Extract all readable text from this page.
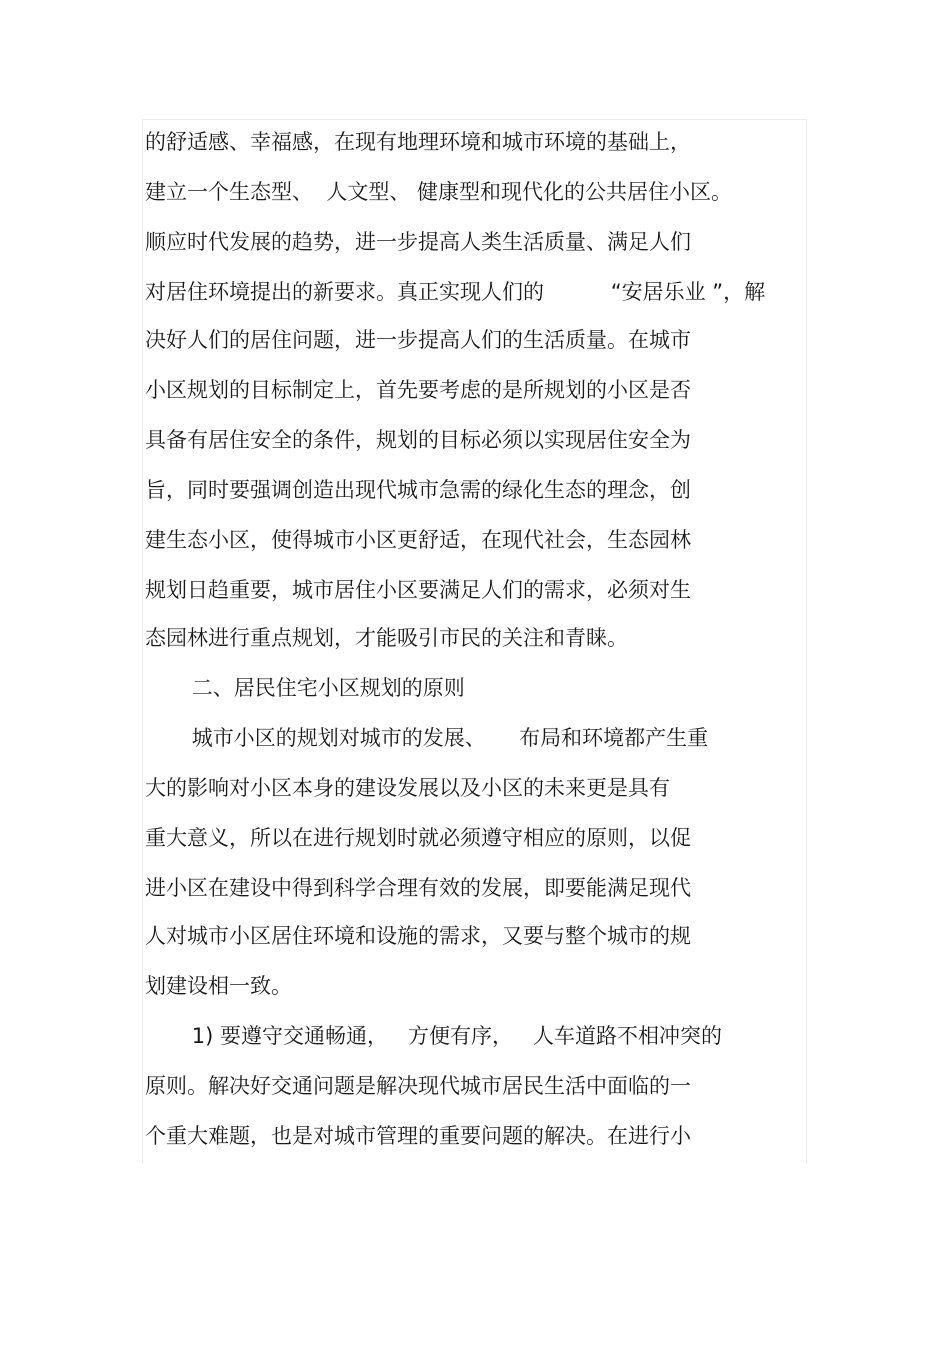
的舒适感、幸福感，在现有地理环境和城市环境的基础上，
建立一个生态型、  人文型、 健康型和现代化的公共居住小区。
顺应时代发展的趋势，进一步提高人类生活质量、满足人们
对居住环境提出的新要求。真正实现人们的          “安居乐业 ”，解
决好人们的居住问题，进一步提高人们的生活质量。在城市
小区规划的目标制定上，首先要考虑的是所规划的小区是否
具备有居住安全的条件，规划的目标必须以实现居住安全为
旨，同时要强调创造出现代城市急需的绿化生态的理念，创
建生态小区，使得城市小区更舒适，在现代社会，生态园林
规划日趋重要，城市居住小区要满足人们的需求，必须对生
态园林进行重点规划，才能吸引市民的关注和青睐。
二、居民住宅小区规划的原则
城市小区的规划对城市的发展、     布局和环境都产生重
大的影响对小区本身的建设发展以及小区的未来更是具有
重大意义，所以在进行规划时就必须遵守相应的原则，以促
进小区在建设中得到科学合理有效的发展，即要能满足现代
人对城市小区居住环境和设施的需求，又要与整个城市的规
划建设相一致。
1) 要遵守交通畅通，   方便有序，   人车道路不相冲突的
原则。解决好交通问题是解决现代城市居民生活中面临的一
个重大难题，也是对城市管理的重要问题的解决。在进行小
